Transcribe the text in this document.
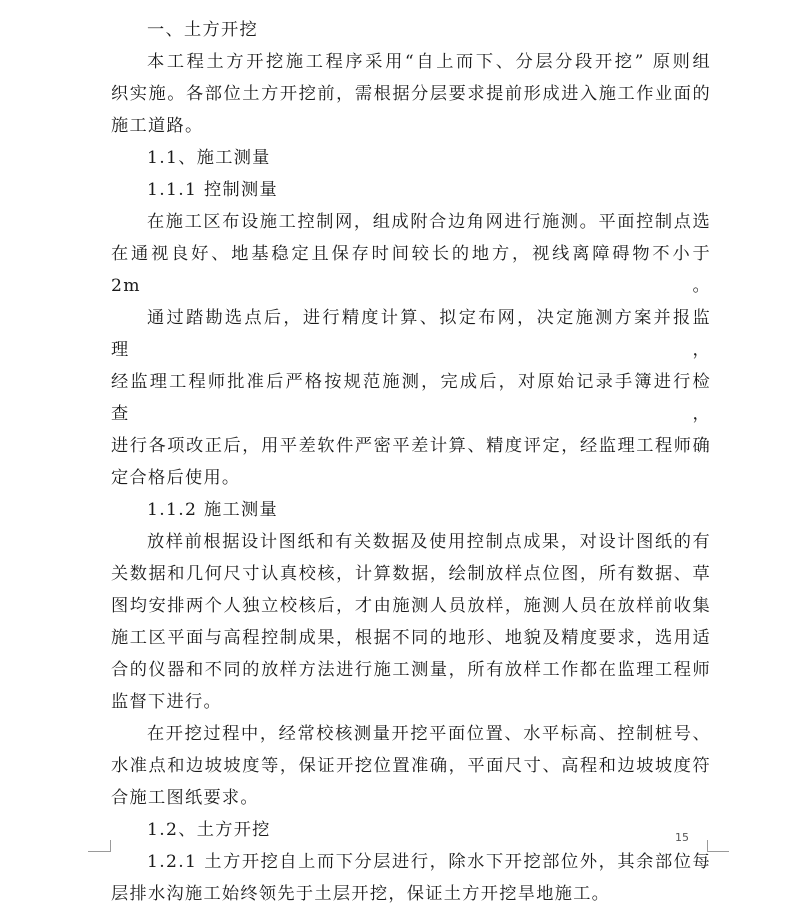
一、土方开挖

本工程土方开挖施工程序采用“自上而下、分层分段开挖” 原则组

织实施。各部位土方开挖前，需根据分层要求提前形成进入施工作业面的

施工道路。

1.1、施工测量

1.1.1 控制测量

在施工区布设施工控制网，组成附合边角网进行施测。平面控制点选

在通视良好、地基稳定且保存时间较长的地方，视线离障碍物不小于 2m。

通过踏勘选点后，进行精度计算、拟定布网，决定施测方案并报监理，

经监理工程师批准后严格按规范施测，完成后，对原始记录手簿进行检查，

进行各项改正后，用平差软件严密平差计算、精度评定，经监理工程师确

定合格后使用。

1.1.2 施工测量

放样前根据设计图纸和有关数据及使用控制点成果，对设计图纸的有

关数据和几何尺寸认真校核，计算数据，绘制放样点位图，所有数据、草

图均安排两个人独立校核后，才由施测人员放样，施测人员在放样前收集

施工区平面与高程控制成果，根据不同的地形、地貌及精度要求，选用适

合的仪器和不同的放样方法进行施工测量，所有放样工作都在监理工程师

监督下进行。

在开挖过程中，经常校核测量开挖平面位置、水平标高、控制桩号、

水准点和边坡坡度等，保证开挖位置准确，平面尺寸、高程和边坡坡度符

合施工图纸要求。

1.2、土方开挖

1.2.1 土方开挖自上而下分层进行，除水下开挖部位外，其余部位每

层排水沟施工始终领先于土层开挖，保证土方开挖旱地施工。

15
